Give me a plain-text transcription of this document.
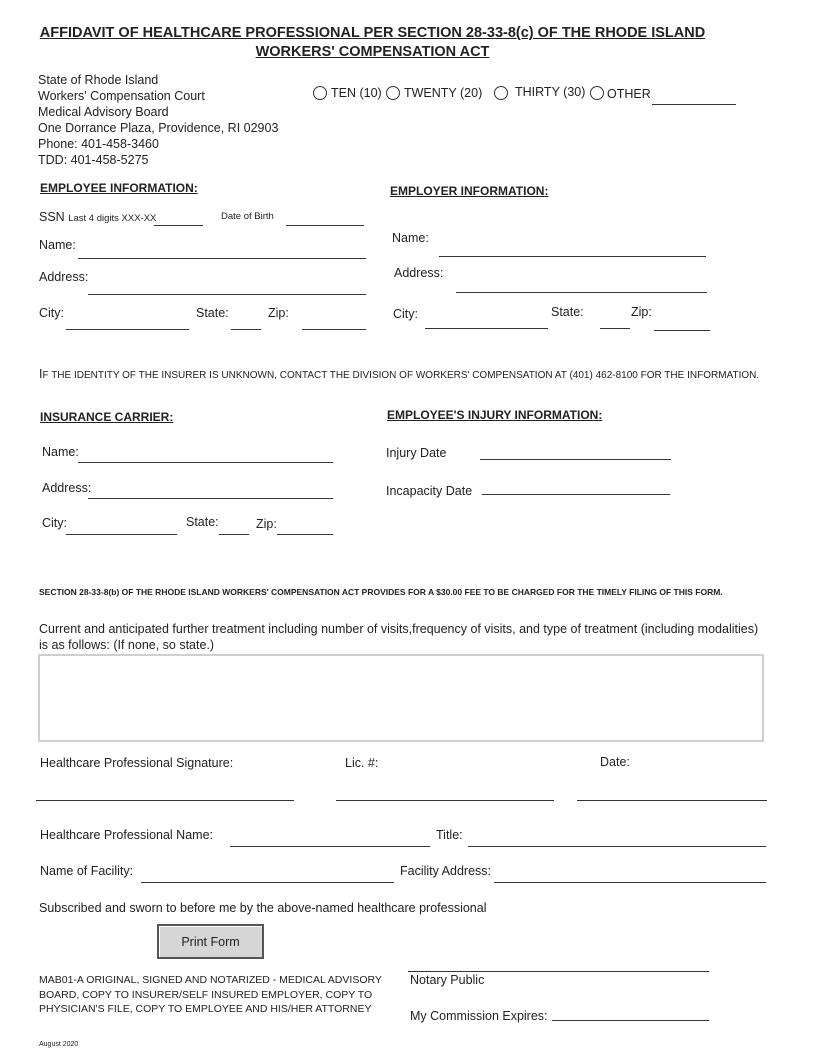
AFFIDAVIT OF HEALTHCARE PROFESSIONAL PER SECTION 28-33-8(c) OF THE RHODE ISLAND
WORKERS' COMPENSATION ACT
State of Rhode Island
Workers' Compensation Court
Medical Advisory Board
One Dorrance Plaza, Providence, RI 02903
Phone: 401-458-3460
TDD: 401-458-5275
TEN (10) TWENTY (20)	THIRTY (30) OTHER
EMPLOYEE INFORMATION:
SSN Last 4 digits XXX-XX	Date of Birth
Name:
Address:
City:	State:	Zip:
EMPLOYER INFORMATION:
Name:
Address:
City:	State:	Zip:
IF THE IDENTITY OF THE INSURER IS UNKNOWN, CONTACT THE DIVISION OF WORKERS' COMPENSATION AT (401) 462-8100 FOR THE INFORMATION.
INSURANCE CARRIER:
Name:
Address:
City:	State:	Zip:
EMPLOYEE'S INJURY INFORMATION:
Injury Date
Incapacity Date
SECTION 28-33-8(b) OF THE RHODE ISLAND WORKERS' COMPENSATION ACT PROVIDES FOR A $30.00 FEE TO BE CHARGED FOR THE TIMELY FILING OF THIS FORM.
Current and anticipated further treatment including number of visits,frequency of visits, and type of treatment (including modalities) is as follows: (If none, so state.)
Healthcare Professional Signature:	Lic. #:	Date:
Healthcare Professional Name:	Title:
Name of Facility:	Facility Address:
Subscribed and sworn to before me by the above-named healthcare professional
Print Form
MAB01-A ORIGINAL, SIGNED AND NOTARIZED - MEDICAL ADVISORY BOARD, COPY TO INSURER/SELF INSURED EMPLOYER, COPY TO PHYSICIAN'S FILE, COPY TO EMPLOYEE AND HIS/HER ATTORNEY
Notary Public
My Commission Expires:
August 2020
